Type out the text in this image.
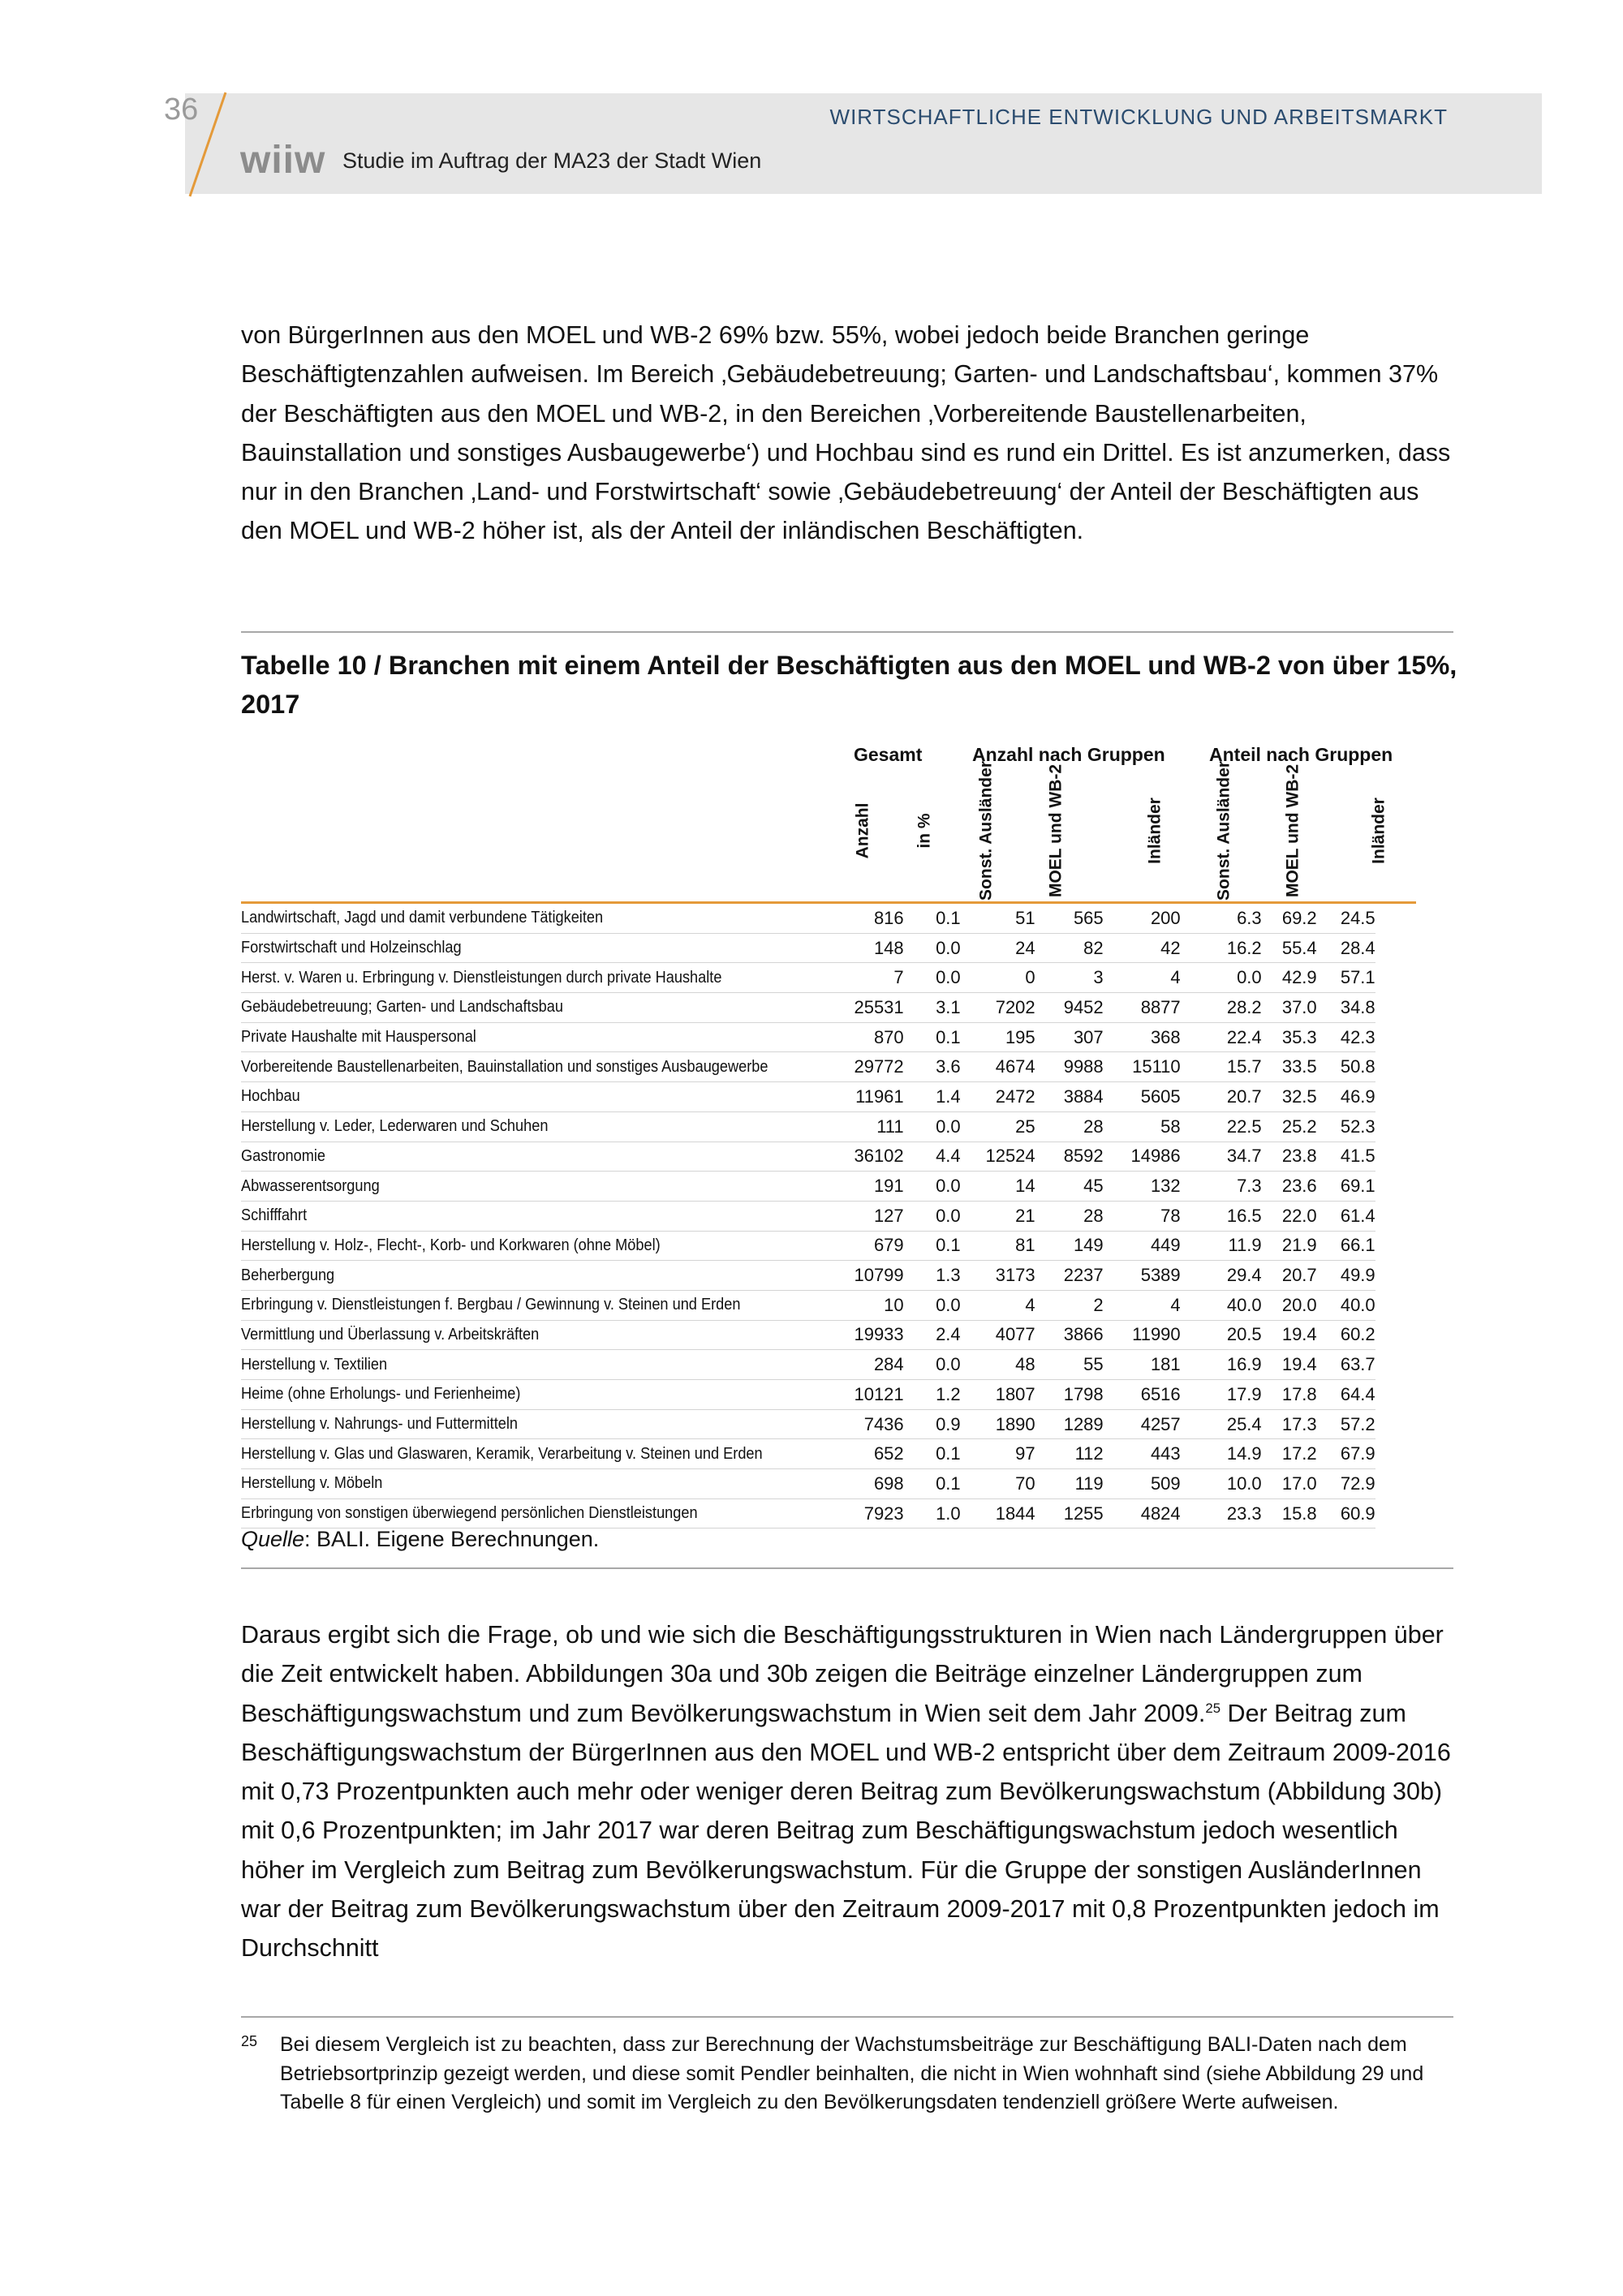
36
wiiw Studie im Auftrag der MA23 der Stadt Wien
WIRTSCHAFTLICHE ENTWICKLUNG UND ARBEITSMARKT

von BürgerInnen aus den MOEL und WB-2 69% bzw. 55%, wobei jedoch beide Branchen geringe Beschäftigtenzahlen aufweisen. Im Bereich ‚Gebäudebetreuung; Garten- und Landschaftsbau‘, kommen 37% der Beschäftigten aus den MOEL und WB-2, in den Bereichen ‚Vorbereitende Baustellenarbeiten, Bauinstallation und sonstiges Ausbaugewerbe‘) und Hochbau sind es rund ein Drittel. Es ist anzumerken, dass nur in den Branchen ‚Land- und Forstwirtschaft‘ sowie ‚Gebäudebetreuung‘ der Anteil der Beschäftigten aus den MOEL und WB-2 höher ist, als der Anteil der inländischen Beschäftigten.

Tabelle 10 / Branchen mit einem Anteil der Beschäftigten aus den MOEL und WB-2 von über 15%, 2017

Gesamt	Anzahl nach Gruppen Anteil nach Gruppen
Anzahl	in %	Sonst. Ausländer	MOEL und WB-2	Inländer	Sonst. Ausländer	MOEL und WB-2	Inländer
Landwirtschaft, Jagd und damit verbundene Tätigkeiten	816	0.1	51	565	200	6.3	69.2	24.5
Forstwirtschaft und Holzeinschlag	148	0.0	24	82	42	16.2	55.4	28.4
Herst. v. Waren u. Erbringung v. Dienstleistungen durch private Haushalte	7	0.0	0	3	4	0.0	42.9	57.1
Gebäudebetreuung; Garten- und Landschaftsbau	25531	3.1	7202	9452	8877	28.2	37.0	34.8
Private Haushalte mit Hauspersonal	870	0.1	195	307	368	22.4	35.3	42.3
Vorbereitende Baustellenarbeiten, Bauinstallation und sonstiges Ausbaugewerbe	29772	3.6	4674	9988	15110	15.7	33.5	50.8
Hochbau	11961	1.4	2472	3884	5605	20.7	32.5	46.9
Herstellung v. Leder, Lederwaren und Schuhen	111	0.0	25	28	58	22.5	25.2	52.3
Gastronomie	36102	4.4	12524	8592	14986	34.7	23.8	41.5
Abwasserentsorgung	191	0.0	14	45	132	7.3	23.6	69.1
Schifffahrt	127	0.0	21	28	78	16.5	22.0	61.4
Herstellung v. Holz-, Flecht-, Korb- und Korkwaren (ohne Möbel)	679	0.1	81	149	449	11.9	21.9	66.1
Beherbergung	10799	1.3	3173	2237	5389	29.4	20.7	49.9
Erbringung v. Dienstleistungen f. Bergbau / Gewinnung v. Steinen und Erden	10	0.0	4	2	4	40.0	20.0	40.0
Vermittlung und Überlassung v. Arbeitskräften	19933	2.4	4077	3866	11990	20.5	19.4	60.2
Herstellung v. Textilien	284	0.0	48	55	181	16.9	19.4	63.7
Heime (ohne Erholungs- und Ferienheime)	10121	1.2	1807	1798	6516	17.9	17.8	64.4
Herstellung v. Nahrungs- und Futtermitteln	7436	0.9	1890	1289	4257	25.4	17.3	57.2
Herstellung v. Glas und Glaswaren, Keramik, Verarbeitung v. Steinen und Erden	652	0.1	97	112	443	14.9	17.2	67.9
Herstellung v. Möbeln	698	0.1	70	119	509	10.0	17.0	72.9
Erbringung von sonstigen überwiegend persönlichen Dienstleistungen	7923	1.0	1844	1255	4824	23.3	15.8	60.9

Quelle: BALI. Eigene Berechnungen.

Daraus ergibt sich die Frage, ob und wie sich die Beschäftigungsstrukturen in Wien nach Ländergruppen über die Zeit entwickelt haben. Abbildungen 30a und 30b zeigen die Beiträge einzelner Ländergruppen zum Beschäftigungswachstum und zum Bevölkerungswachstum in Wien seit dem Jahr 2009.25 Der Beitrag zum Beschäftigungswachstum der BürgerInnen aus den MOEL und WB-2 entspricht über dem Zeitraum 2009-2016 mit 0,73 Prozentpunkten auch mehr oder weniger deren Beitrag zum Bevölkerungswachstum (Abbildung 30b) mit 0,6 Prozentpunkten; im Jahr 2017 war deren Beitrag zum Beschäftigungswachstum jedoch wesentlich höher im Vergleich zum Beitrag zum Bevölkerungswachstum. Für die Gruppe der sonstigen AusländerInnen war der Beitrag zum Bevölkerungswachstum über den Zeitraum 2009-2017 mit 0,8 Prozentpunkten jedoch im Durchschnitt

25 Bei diesem Vergleich ist zu beachten, dass zur Berechnung der Wachstumsbeiträge zur Beschäftigung BALI-Daten nach dem Betriebsortprinzip gezeigt werden, und diese somit Pendler beinhalten, die nicht in Wien wohnhaft sind (siehe Abbildung 29 und Tabelle 8 für einen Vergleich) und somit im Vergleich zu den Bevölkerungsdaten tendenziell größere Werte aufweisen.
